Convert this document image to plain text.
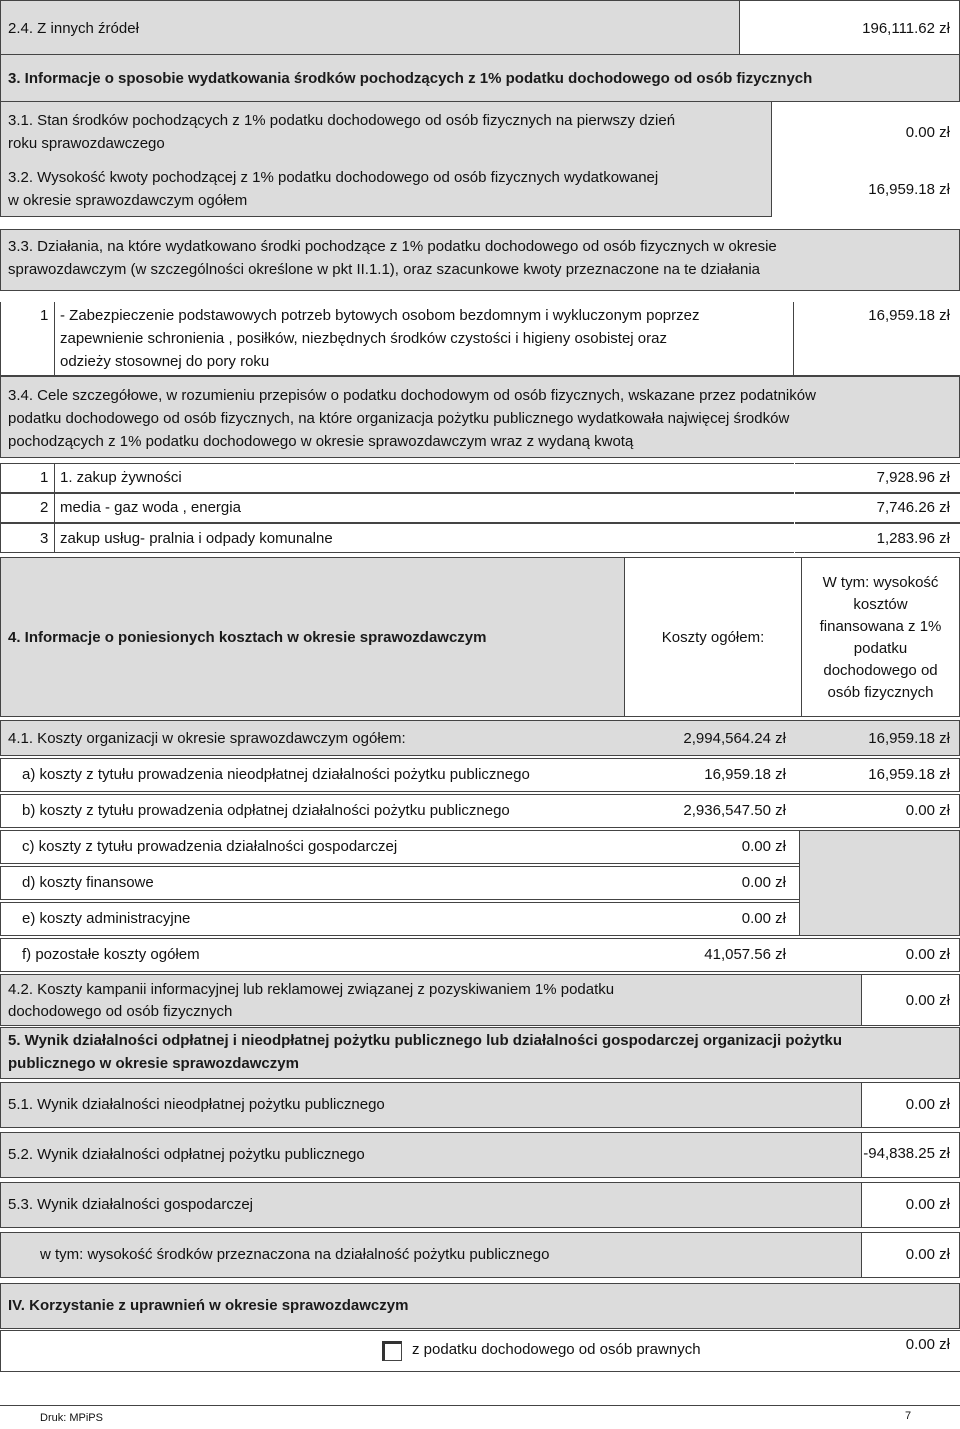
2.4. Z innych źródeł	196,111.62 zł
3. Informacje o sposobie wydatkowania środków pochodzących z 1% podatku dochodowego od osób fizycznych
3.1. Stan środków pochodzących z 1% podatku dochodowego od osób fizycznych na pierwszy dzień
roku sprawozdawczego
0.00 zł
3.2. Wysokość kwoty pochodzącej z 1% podatku dochodowego od osób fizycznych wydatkowanej
w okresie sprawozdawczym ogółem
16,959.18 zł
3.3. Działania, na które wydatkowano środki pochodzące z 1% podatku dochodowego od osób fizycznych w okresie
sprawozdawczym (w szczególności określone w pkt II.1.1), oraz szacunkowe kwoty przeznaczone na te działania
1 - Zabezpieczenie podstawowych potrzeb bytowych osobom bezdomnym i wykluczonym poprzez
zapewnienie schronienia , posiłków, niezbędnych środków czystości i higieny osobistej oraz
odzieży stosownej do pory roku
16,959.18 zł
3.4. Cele szczegółowe, w rozumieniu przepisów o podatku dochodowym od osób fizycznych, wskazane przez podatników
podatku dochodowego od osób fizycznych, na które organizacja pożytku publicznego wydatkowała najwięcej środków
pochodzących z 1% podatku dochodowego w okresie sprawozdawczym wraz z wydaną kwotą
1 1. zakup żywności	7,928.96 zł
2 media - gaz woda , energia	7,746.26 zł
3 zakup usług- pralnia i odpady komunalne	1,283.96 zł
4. Informacje o poniesionych kosztach w okresie sprawozdawczym	Koszty ogółem:
W tym: wysokość
kosztów
finansowana z 1%
podatku
dochodowego od
osób fizycznych
4.1. Koszty organizacji w okresie sprawozdawczym ogółem:	2,994,564.24 zł	16,959.18 zł
a) koszty z tytułu prowadzenia nieodpłatnej działalności pożytku publicznego	16,959.18 zł	16,959.18 zł
b) koszty z tytułu prowadzenia odpłatnej działalności pożytku publicznego	2,936,547.50 zł	0.00 zł
c) koszty z tytułu prowadzenia działalności gospodarczej	0.00 zł
d) koszty finansowe	0.00 zł
e) koszty administracyjne	0.00 zł
f) pozostałe koszty ogółem	41,057.56 zł	0.00 zł
4.2. Koszty kampanii informacyjnej lub reklamowej związanej z pozyskiwaniem 1% podatku
dochodowego od osób fizycznych
0.00 zł
5. Wynik działalności odpłatnej i nieodpłatnej pożytku publicznego lub działalności gospodarczej organizacji pożytku
publicznego w okresie sprawozdawczym
5.1. Wynik działalności nieodpłatnej pożytku publicznego	0.00 zł
5.2. Wynik działalności odpłatnej pożytku publicznego	-94,838.25 zł
5.3. Wynik działalności gospodarczej	0.00 zł
w tym: wysokość środków przeznaczona na działalność pożytku publicznego	0.00 zł
IV. Korzystanie z uprawnień w okresie sprawozdawczym
z podatku dochodowego od osób prawnych	0.00 zł
Druk: MPiPS	7
